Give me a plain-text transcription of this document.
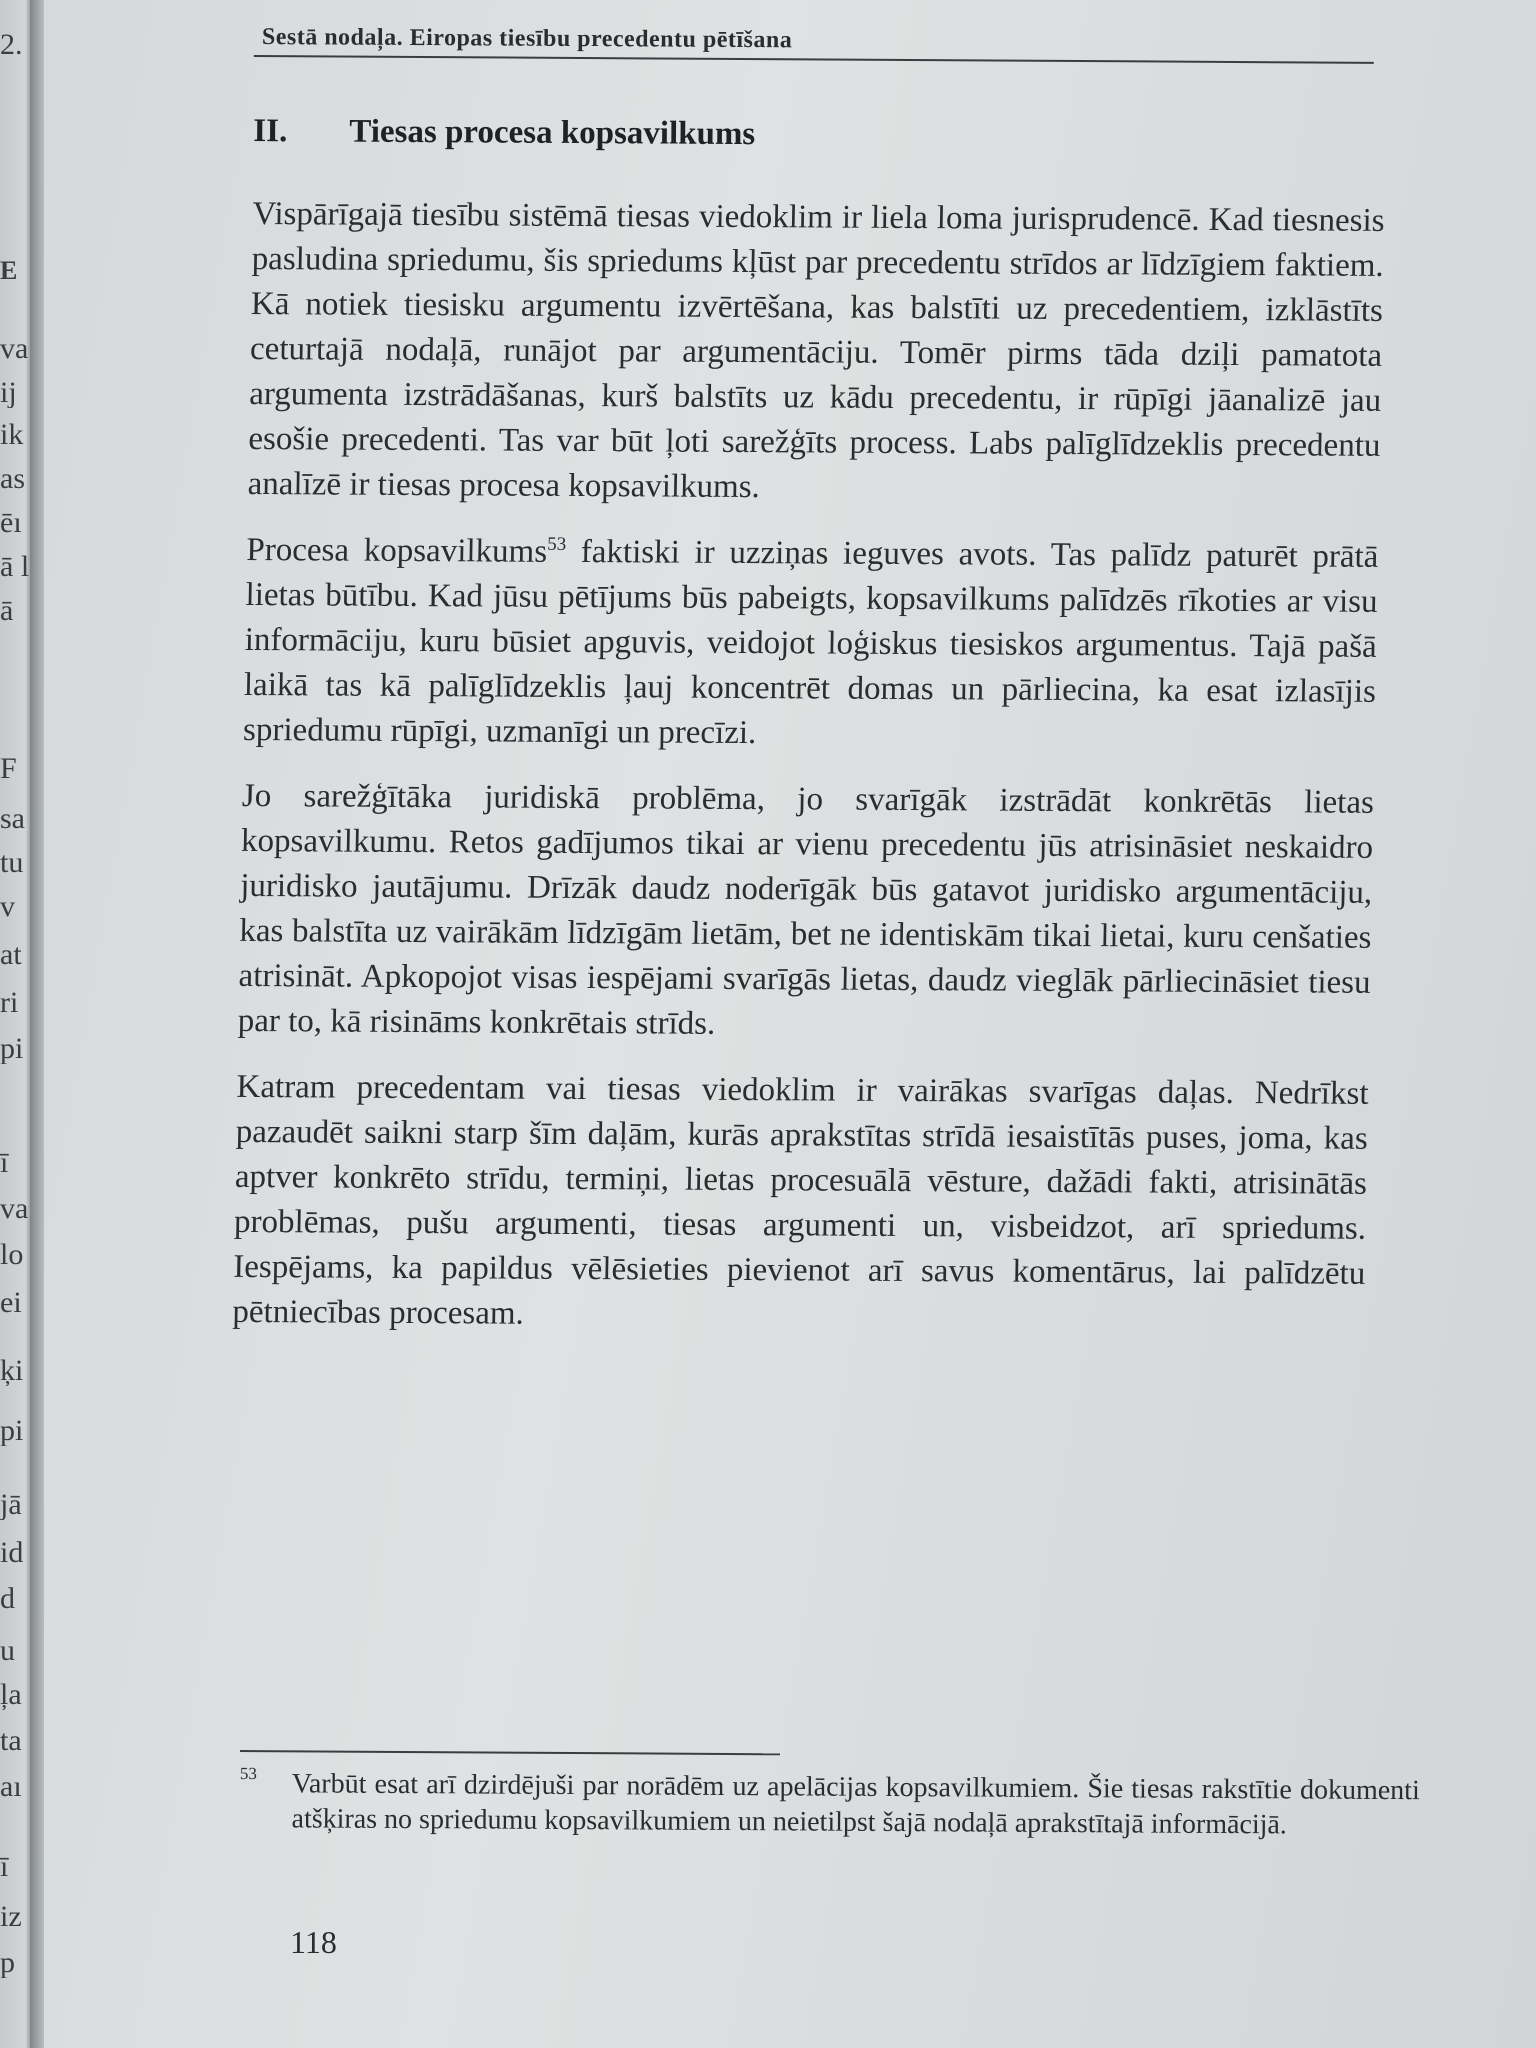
2.
E
va
ij
ik
as
ēı
ā l
ā
F
sa
tu
v
at
ri
pi
ī
va
lo
ei
ķi
pi
jā
id
d
u
ļa
ta
aı
ī
iz
p
Sestā nodaļa. Eiropas tiesību precedentu pētīšana
II.	Tiesas procesa kopsavilkums

Vispārīgajā tiesību sistēmā tiesas viedoklim ir liela loma jurisprudencē. Kad tiesnesis pasludina spriedumu, šis spriedums kļūst par precedentu strīdos ar līdzīgiem faktiem. Kā notiek tiesisku argumentu izvērtēšana, kas balstīti uz precedentiem, izklāstīts ceturtajā nodaļā, runājot par argumentāciju. Tomēr pirms tāda dziļi pamatota argumenta izstrādāšanas, kurš balstīts uz kādu precedentu, ir rūpīgi jāanalizē jau esošie precedenti. Tas var būt ļoti sarežģīts process. Labs palīglīdzeklis precedentu analīzē ir tiesas procesa kopsavilkums.

Procesa kopsavilkums$^{53}$ faktiski ir uzziņas ieguves avots. Tas palīdz paturēt prātā lietas būtību. Kad jūsu pētījums būs pabeigts, kopsavilkums palīdzēs rīkoties ar visu informāciju, kuru būsiet apguvis, veidojot loģiskus tiesiskos argumentus. Tajā pašā laikā tas kā palīglīdzeklis ļauj koncentrēt domas un pārliecina, ka esat izlasījis spriedumu rūpīgi, uzmanīgi un precīzi.

Jo sarežģītāka juridiskā problēma, jo svarīgāk izstrādāt konkrētās lietas kopsavilkumu. Retos gadījumos tikai ar vienu precedentu jūs atrisināsiet neskaidro juridisko jautājumu. Drīzāk daudz noderīgāk būs gatavot juridisko argumentāciju, kas balstīta uz vairākām līdzīgām lietām, bet ne identiskām tikai lietai, kuru cenšaties atrisināt. Apkopojot visas iespējami svarīgās lietas, daudz vieglāk pārliecināsiet tiesu par to, kā risināms konkrētais strīds.

Katram precedentam vai tiesas viedoklim ir vairākas svarīgas daļas. Nedrīkst pazaudēt saikni starp šīm daļām, kurās aprakstītas strīdā iesaistītās puses, joma, kas aptver konkrēto strīdu, termiņi, lietas procesuālā vēsture, dažādi fakti, atrisinātās problēmas, pušu argumenti, tiesas argumenti un, visbeidzot, arī spriedums. Iespējams, ka papildus vēlēsieties pievienot arī savus komentārus, lai palīdzētu pētniecības procesam.

53 Varbūt esat arī dzirdējuši par norādēm uz apelācijas kopsavilkumiem. Šie tiesas rakstītie dokumenti atšķiras no spriedumu kopsavilkumiem un neietilpst šajā nodaļā aprakstītajā informācijā.
118
